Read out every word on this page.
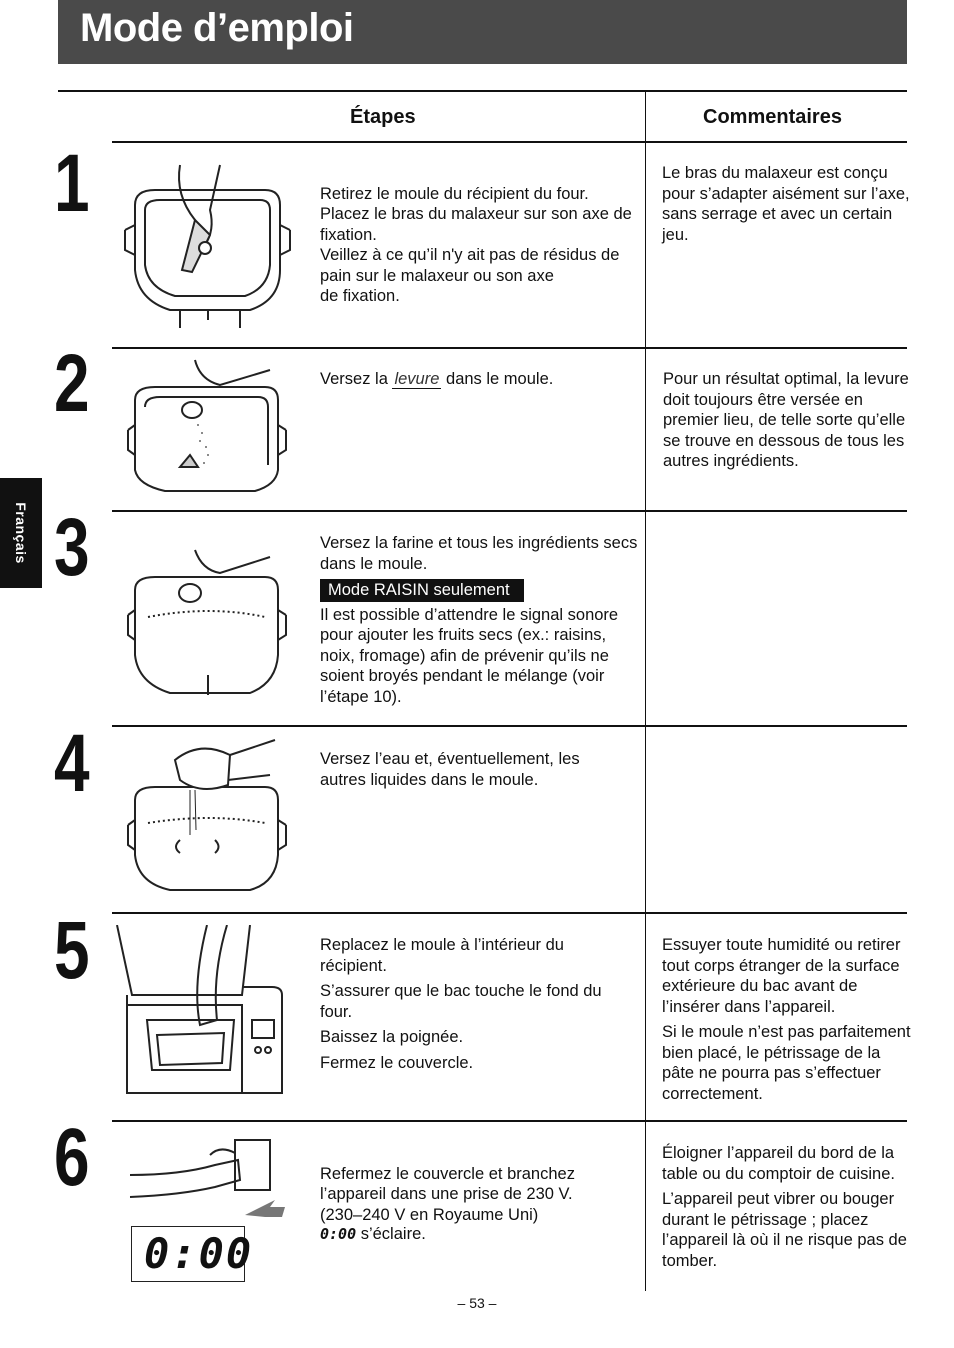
Mode d’emploi
Français
Étapes	Commentaires
1
2
3
4
5
6
0:00

Retirez le moule du récipient du four.
Placez le bras du malaxeur sur son axe de fixation.
Veillez à ce qu’il n'y ait pas de résidus de pain sur le malaxeur ou son axe
de fixation.

Le bras du malaxeur est conçu pour s’adapter aisément sur l’axe, sans serrage et avec un certain jeu.

Versez la levure dans le moule.	Pour un résultat optimal, la levure doit toujours être versée en premier lieu, de telle sorte qu’elle se trouve en dessous de tous les autres ingrédients.

Versez la farine et tous les ingrédients secs dans le moule.

Mode RAISIN seulement

Il est possible d’attendre le signal sonore pour ajouter les fruits secs (ex.: raisins, noix, fromage) afin de prévenir qu’ils ne soient broyés pendant le mélange (voir l’étape 10).

Versez l’eau et, éventuellement, les autres liquides dans le moule.

Replacez le moule à l’intérieur du récipient.

S’assurer que le bac touche le fond du four.

Baissez la poignée.

Fermez le couvercle.

Essuyer toute humidité ou retirer tout corps étranger de la surface extérieure du bac avant de l’insérer dans l’appareil.

Si le moule n’est pas parfaitement bien placé, le pétrissage de la pâte ne pourra pas s’effectuer correctement.

Refermez le couvercle et branchez l’appareil dans une prise de 230 V.
(230–240 V en Royaume Uni)

0:00 s’éclaire.

Éloigner l’appareil du bord de la table ou du comptoir de cuisine.

L’appareil peut vibrer ou bouger durant le pétrissage ; placez l’appareil là où il ne risque pas de tomber.

– 53 –
